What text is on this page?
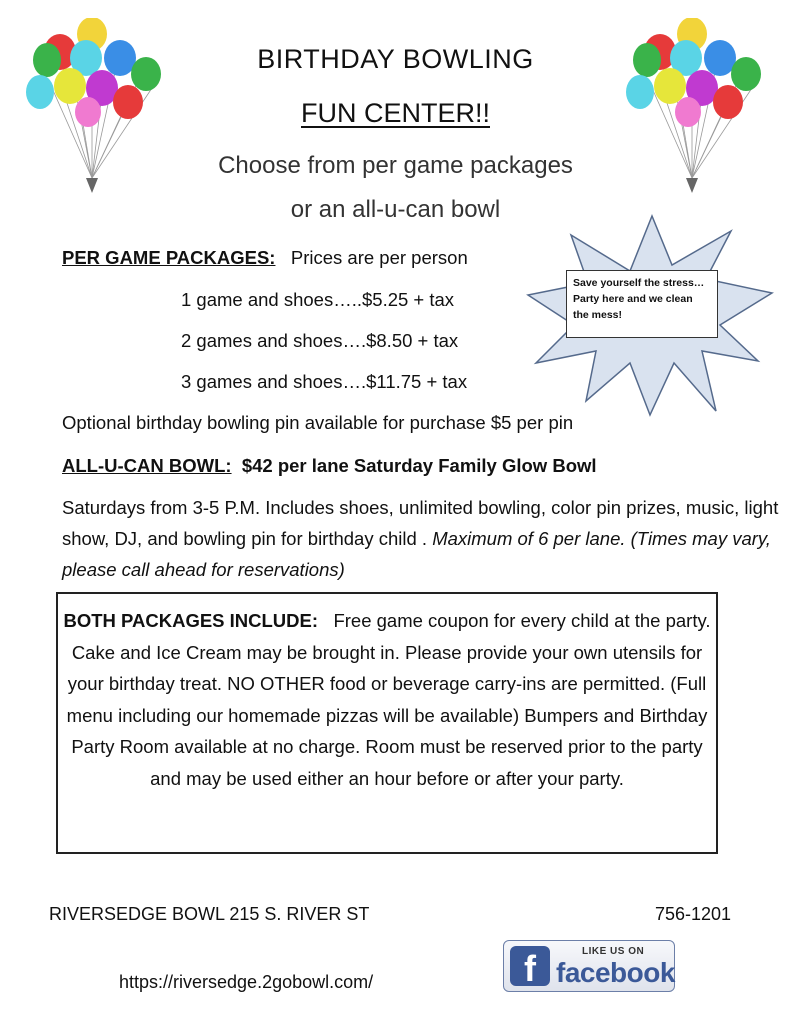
BIRTHDAY BOWLING
FUN CENTER!!
Choose from per game packages
or an all-u-can bowl
Save yourself the stress…Party here and we clean the mess!
PER GAME PACKAGES: Prices are per person
1 game and shoes…..$5.25 + tax
2 games and shoes….$8.50 + tax
3 games and shoes….$11.75 + tax
Optional birthday bowling pin available for purchase $5 per pin
ALL-U-CAN BOWL: $42 per lane Saturday Family Glow Bowl
Saturdays from 3-5 P.M. Includes shoes, unlimited bowling, color pin prizes, music, light show, DJ, and bowling pin for birthday child . Maximum of 6 per lane. (Times may vary, please call ahead for reservations)
BOTH PACKAGES INCLUDE: Free game coupon for every child at the party. Cake and Ice Cream may be brought in. Please provide your own utensils for your birthday treat. NO OTHER food or beverage carry-ins are permitted. (Full menu including our homemade pizzas will be available) Bumpers and Birthday Party Room available at no charge. Room must be reserved prior to the party and may be used either an hour before or after your party.
RIVERSEDGE BOWL 215 S. RIVER ST	756-1201
https://riversedge.2gobowl.com/	f	LIKE US ON
facebook
